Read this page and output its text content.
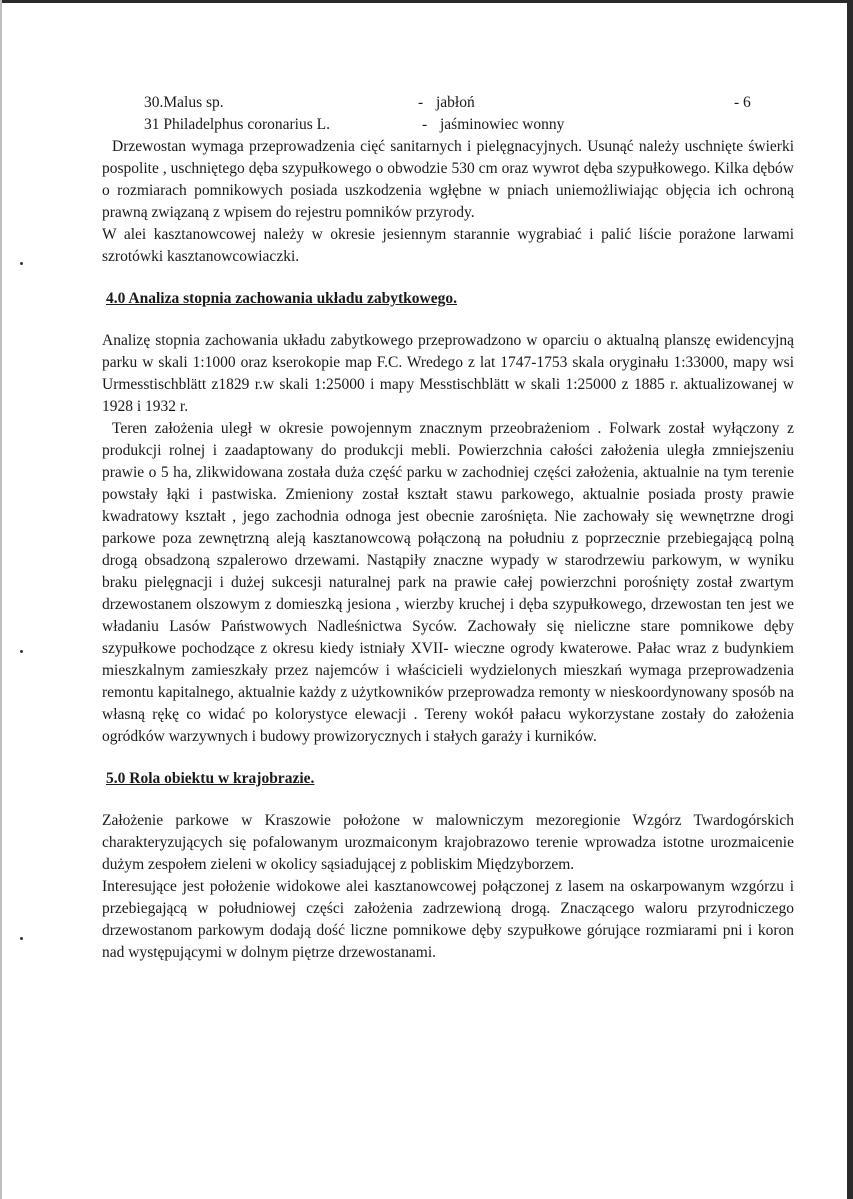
30.Malus sp.	- jabłoń	- 6
31 Philadelphus coronarius L.	- jaśminowiec wonny

Drzewostan wymaga przeprowadzenia cięć sanitarnych i pielęgnacyjnych. Usunąć należy uschnięte świerki pospolite , uschniętego dęba szypułkowego o obwodzie 530 cm oraz wywrot dęba szypułkowego. Kilka dębów o rozmiarach pomnikowych posiada uszkodzenia wgłębne w pniach uniemożliwiając objęcia ich ochroną prawną związaną z wpisem do rejestru pomników przyrody.

W alei kasztanowcowej należy w okresie jesiennym starannie wygrabiać i palić liście porażone larwami szrotówki kasztanowcowiaczki.

4.0 Analiza stopnia zachowania układu zabytkowego.

Analizę stopnia zachowania układu zabytkowego przeprowadzono w oparciu o aktualną planszę ewidencyjną parku w skali 1:1000 oraz kserokopie map F.C. Wredego z lat 1747-1753 skala oryginału 1:33000, mapy wsi Urmesstischblätt z1829 r.w skali 1:25000 i mapy Messtischblätt w skali 1:25000 z 1885 r. aktualizowanej w 1928 i 1932 r.

Teren założenia uległ w okresie powojennym znacznym przeobrażeniom . Folwark został wyłączony z produkcji rolnej i zaadaptowany do produkcji mebli. Powierzchnia całości założenia uległa zmniejszeniu prawie o 5 ha, zlikwidowana została duża część parku w zachodniej części założenia, aktualnie na tym terenie powstały łąki i pastwiska. Zmieniony został kształt stawu parkowego, aktualnie posiada prosty prawie kwadratowy kształt , jego zachodnia odnoga jest obecnie zarośnięta. Nie zachowały się wewnętrzne drogi parkowe poza zewnętrzną aleją kasztanowcową połączoną na południu z poprzecznie przebiegającą polną drogą obsadzoną szpalerowo drzewami. Nastąpiły znaczne wypady w starodrzewiu parkowym, w wyniku braku pielęgnacji i dużej sukcesji naturalnej park na prawie całej powierzchni porośnięty został zwartym drzewostanem olszowym z domieszką jesiona , wierzby kruchej i dęba szypułkowego, drzewostan ten jest we władaniu Lasów Państwowych Nadleśnictwa Syców. Zachowały się nieliczne stare pomnikowe dęby szypułkowe pochodzące z okresu kiedy istniały XVII- wieczne ogrody kwaterowe. Pałac wraz z budynkiem mieszkalnym zamieszkały przez najemców i właścicieli wydzielonych mieszkań wymaga przeprowadzenia remontu kapitalnego, aktualnie każdy z użytkowników przeprowadza remonty w nieskoordynowany sposób na własną rękę co widać po kolorystyce elewacji . Tereny wokół pałacu wykorzystane zostały do założenia ogródków warzywnych i budowy prowizorycznych i stałych garaży i kurników.

5.0 Rola obiektu w krajobrazie.

Założenie parkowe w Kraszowie położone w malowniczym mezoregionie Wzgórz Twardogórskich charakteryzujących się pofalowanym urozmaiconym krajobrazowo terenie wprowadza istotne urozmaicenie dużym zespołem zieleni w okolicy sąsiadującej z pobliskim Międzyborzem.

Interesujące jest położenie widokowe alei kasztanowcowej połączonej z lasem na oskarpowanym wzgórzu i przebiegającą w południowej części założenia zadrzewioną drogą. Znaczącego waloru przyrodniczego drzewostanom parkowym dodają dość liczne pomnikowe dęby szypułkowe górujące rozmiarami pni i koron nad występującymi w dolnym piętrze drzewostanami.
